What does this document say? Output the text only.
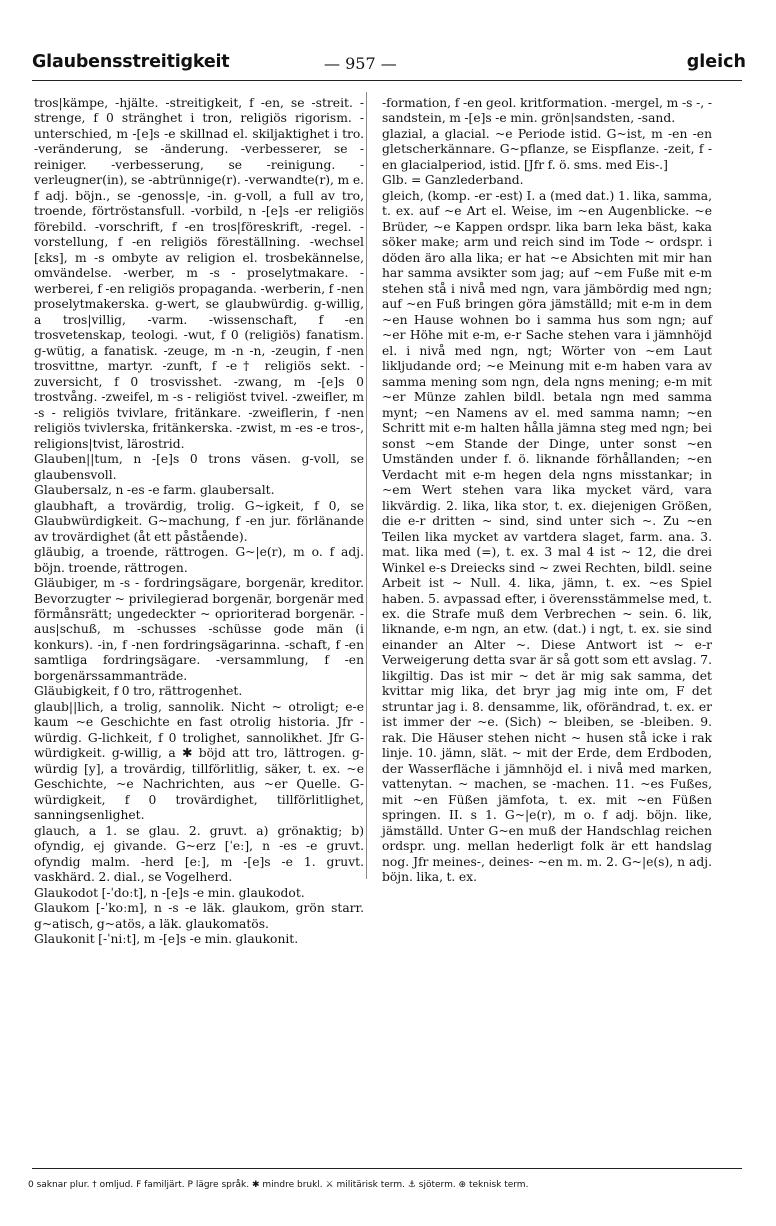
Glaubensstreitigkeit	— 957 —	gleich

tros|kämpe, -hjälte. -streitigkeit, f -en, se -streit. -strenge, f 0 stränghet i tron, religiös rigorism. -unterschied, m -[e]s -e skillnad el. skiljaktighet i tro. -veränderung, se -änderung. -verbesserer, se -reiniger. -verbesserung, se -reinigung. -verleugner(in), se -abtrünnige(r). -verwandte(r), m e. f adj. böjn., se -genoss|e, -in. g-voll, a full av tro, troende, förtröstansfull. -vorbild, n -[e]s -er religiös förebild. -vorschrift, f -en tros|föreskrift, -regel. -vorstellung, f -en religiös föreställning. -wechsel [ɛks], m -s ombyte av religion el. trosbekännelse, omvändelse. -werber, m -s - proselytmakare. -werberei, f -en religiös propaganda. -werberin, f -nen proselytmakerska. g-wert, se glaubwürdig. g-willig, a tros|villig, -varm. -wissenschaft, f -en trosvetenskap, teologi. -wut, f 0 (religiös) fanatism. g-wütig, a fanatisk. -zeuge, m -n -n, -zeugin, f -nen trosvittne, martyr. -zunft, f -e† religiös sekt. -zuversicht, f 0 trosvisshet. -zwang, m -[e]s 0 trostvång. -zweifel, m -s - religiöst tvivel. -zweifler, m -s - religiös tvivlare, fritänkare. -zweiflerin, f -nen religiös tvivlerska, fritänkerska. -zwist, m -es -e tros-, religions|tvist, lärostrid.

Glauben||tum, n -[e]s 0 trons väsen. g-voll, se glaubensvoll.

Glaubersalz, n -es -e farm. glaubersalt.

glaubhaft, a trovärdig, trolig. G~igkeit, f 0, se Glaubwürdigkeit. G~machung, f -en jur. förlänande av trovärdighet (åt ett påstående).

gläubig, a troende, rättrogen. G~|e(r), m o. f adj. böjn. troende, rättrogen.

Gläubiger, m -s - fordringsägare, borgenär, kreditor. Bevorzugter ~ privilegierad borgenär, borgenär med förmånsrätt; ungedeckter ~ oprioriterad borgenär. -aus|schuß, m -schusses -schüsse gode män (i konkurs). -in, f -nen fordringsägarinna. -schaft, f -en samtliga fordringsägare. -versammlung, f -en borgenärssammanträde.

Gläubigkeit, f 0 tro, rättrogenhet.

glaub||lich, a trolig, sannolik. Nicht ~ otroligt; e-e kaum ~e Geschichte en fast otrolig historia. Jfr -würdig. G-lichkeit, f 0 trolighet, sannolikhet. Jfr G-würdigkeit. g-willig, a ✱ böjd att tro, lättrogen. g-würdig [y], a trovärdig, tillförlitlig, säker, t. ex. ~e Geschichte, ~e Nachrichten, aus ~er Quelle. G-würdigkeit, f 0 trovärdighet, tillförlitlighet, sanningsenlighet.

glauch, a 1. se glau. 2. gruvt. a) grönaktig; b) ofyndig, ej givande. G~erz [ˈeː], n -es -e gruvt. ofyndig malm. -herd [eː], m -[e]s -e 1. gruvt. vaskhärd. 2. dial., se Vogelherd.

Glaukodot [-ˈdoːt], n -[e]s -e min. glaukodot.

Glaukom [-ˈkoːm], n -s -e läk. glaukom, grön starr. g~atisch, g~atös, a läk. glaukomatös.

Glaukonit [-ˈniːt], m -[e]s -e min. glaukonit.

-formation, f -en geol. kritformation. -mergel, m -s -, -sandstein, m -[e]s -e min. grön|sandsten, -sand.

glazial, a glacial. ~e Periode istid. G~ist, m -en -en gletscherkännare. G~pflanze, se Eispflanze. -zeit, f -en glacialperiod, istid. [Jfr f. ö. sms. med Eis-.]

Glb. = Ganzlederband.

gleich, (komp. -er -est) I. a (med dat.) 1. lika, samma, t. ex. auf ~e Art el. Weise, im ~en Augenblicke. ~e Brüder, ~e Kappen ordspr. lika barn leka bäst, kaka söker make; arm und reich sind im Tode ~ ordspr. i döden äro alla lika; er hat ~e Absichten mit mir han har samma avsikter som jag; auf ~em Fuße mit e-m stehen stå i nivå med ngn, vara jämbördig med ngn; auf ~en Fuß bringen göra jämställd; mit e-m in dem ~en Hause wohnen bo i samma hus som ngn; auf ~er Höhe mit e-m, e-r Sache stehen vara i jämnhöjd el. i nivå med ngn, ngt; Wörter von ~em Laut likljudande ord; ~e Meinung mit e-m haben vara av samma mening som ngn, dela ngns mening; e-m mit ~er Münze zahlen bildl. betala ngn med samma mynt; ~en Namens av el. med samma namn; ~en Schritt mit e-m halten hålla jämna steg med ngn; bei sonst ~em Stande der Dinge, unter sonst ~en Umständen under f. ö. liknande förhållanden; ~en Verdacht mit e-m hegen dela ngns misstankar; in ~em Wert stehen vara lika mycket värd, vara likvärdig. 2. lika, lika stor, t. ex. diejenigen Größen, die e-r dritten ~ sind, sind unter sich ~. Zu ~en Teilen lika mycket av vartdera slaget, farm. ana. 3. mat. lika med (=), t. ex. 3 mal 4 ist ~ 12, die drei Winkel e-s Dreiecks sind ~ zwei Rechten, bildl. seine Arbeit ist ~ Null. 4. lika, jämn, t. ex. ~es Spiel haben. 5. avpassad efter, i överensstämmelse med, t. ex. die Strafe muß dem Verbrechen ~ sein. 6. lik, liknande, e-m ngn, an etw. (dat.) i ngt, t. ex. sie sind einander an Alter ~. Diese Antwort ist ~ e-r Verweigerung detta svar är så gott som ett avslag. 7. likgiltig. Das ist mir ~ det är mig sak samma, det kvittar mig lika, det bryr jag mig inte om, F det struntar jag i. 8. densamme, lik, oförändrad, t. ex. er ist immer der ~e. (Sich) ~ bleiben, se -bleiben. 9. rak. Die Häuser stehen nicht ~ husen stå icke i rak linje. 10. jämn, slät. ~ mit der Erde, dem Erdboden, der Wasserfläche i jämnhöjd el. i nivå med marken, vattenytan. ~ machen, se -machen. 11. ~es Fußes, mit ~en Füßen jämfota, t. ex. mit ~en Füßen springen. II. s 1. G~|e(r), m o. f adj. böjn. like, jämställd. Unter G~en muß der Handschlag reichen ordspr. ung. mellan hederligt folk är ett handslag nog. Jfr meines-, deines- ~en m. m. 2. G~|e(s), n adj. böjn. lika, t. ex.

0 saknar plur. † omljud. F familjärt. P lägre språk. ✱ mindre brukl. ⚔ militärisk term. ⚓ sjöterm. ⊕ teknisk term.
